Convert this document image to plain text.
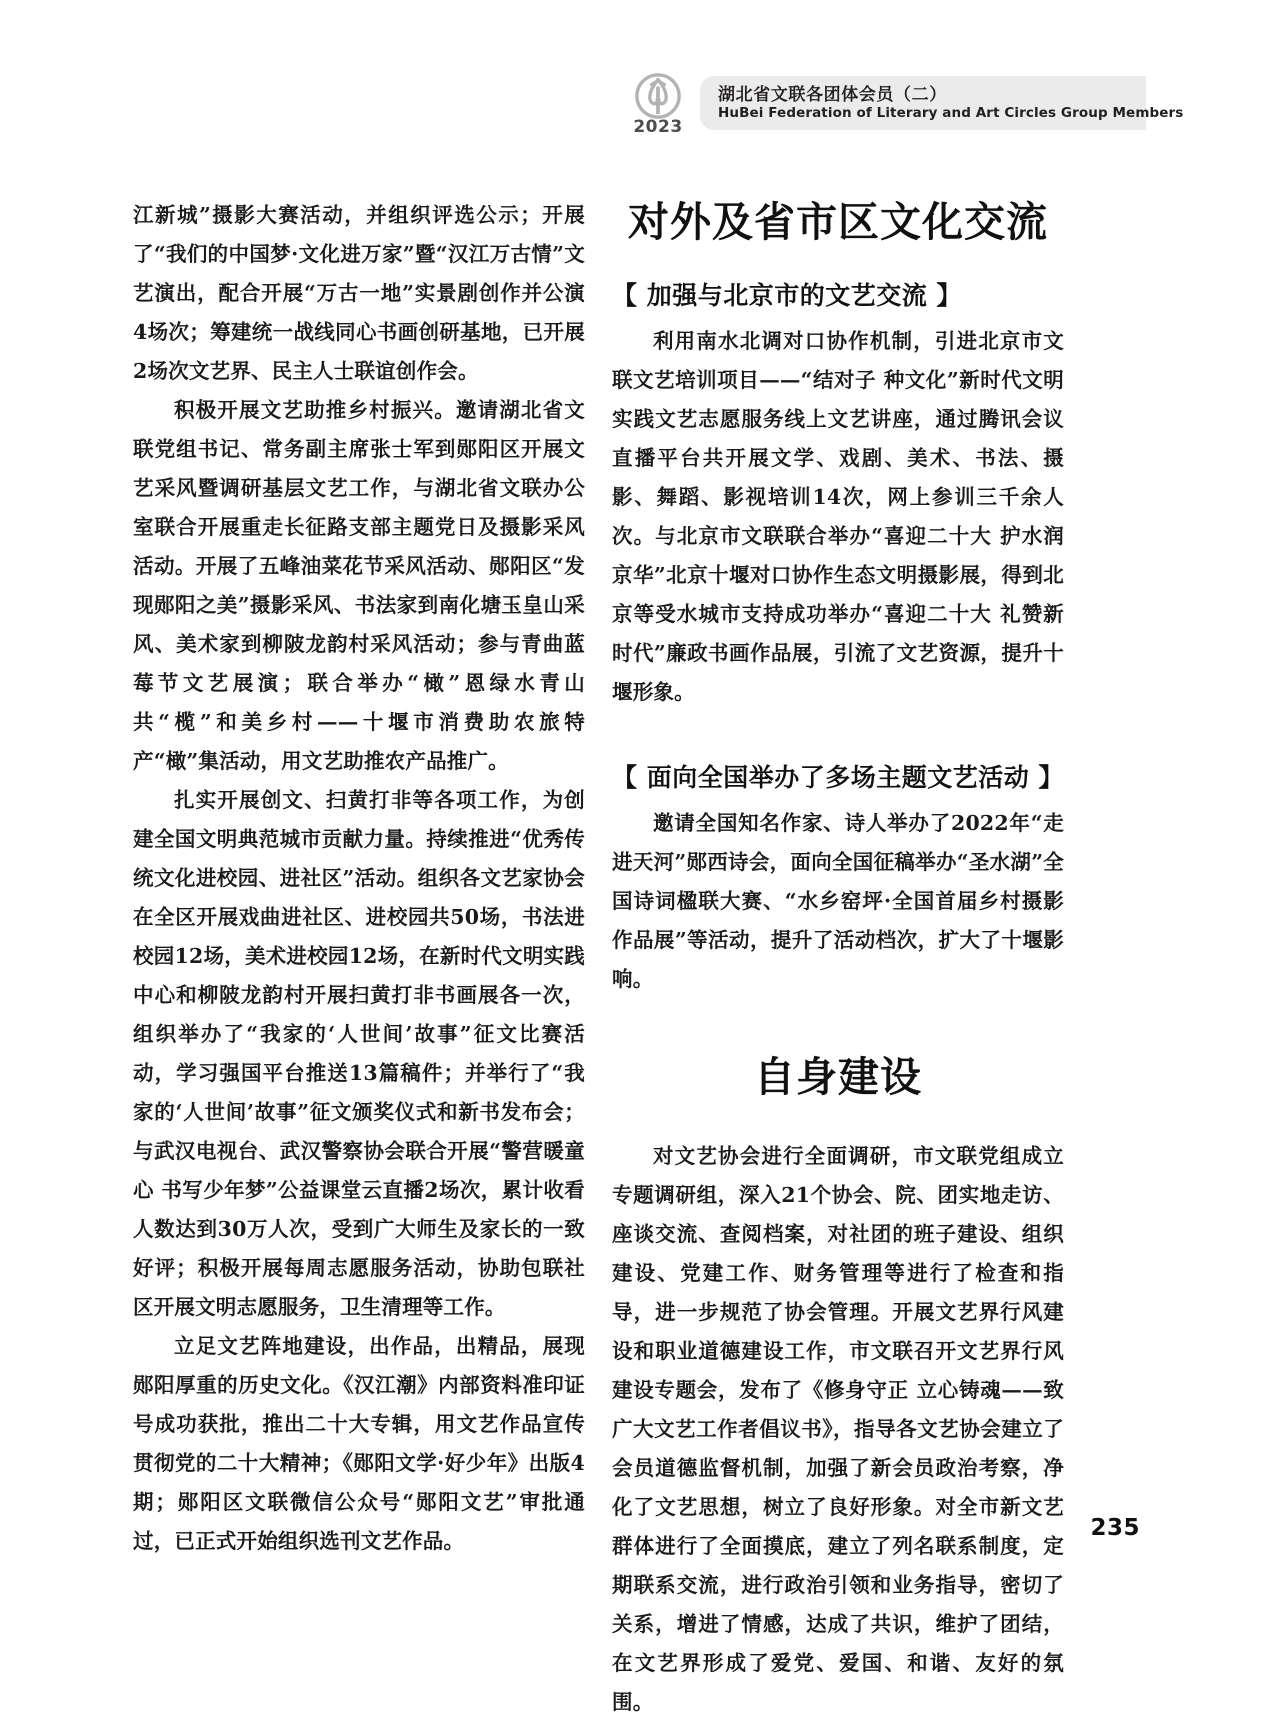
2023
湖北省文联各团体会员（二）
HuBei Federation of Literary and Art Circles Group Members

江新城”摄影大赛活动，并组织评选公示；开展了“我们的中国梦·文化进万家”暨“汉江万古情”文艺演出，配合开展“万古一地”实景剧创作并公演4场次；筹建统一战线同心书画创研基地，已开展2场次文艺界、民主人士联谊创作会。

积极开展文艺助推乡村振兴。邀请湖北省文联党组书记、常务副主席张士军到郧阳区开展文艺采风暨调研基层文艺工作，与湖北省文联办公室联合开展重走长征路支部主题党日及摄影采风活动。开展了五峰油菜花节采风活动、郧阳区“发现郧阳之美”摄影采风、书法家到南化塘玉皇山采风、美术家到柳陂龙韵村采风活动；参与青曲蓝莓节文艺展演；联合举办“橄”恩绿水青山 共“榄”和美乡村——十堰市消费助农旅特产“橄”集活动，用文艺助推农产品推广。

扎实开展创文、扫黄打非等各项工作，为创建全国文明典范城市贡献力量。持续推进“优秀传统文化进校园、进社区”活动。组织各文艺家协会在全区开展戏曲进社区、进校园共50场，书法进校园12场，美术进校园12场，在新时代文明实践中心和柳陂龙韵村开展扫黄打非书画展各一次，组织举办了“我家的‘人世间’故事”征文比赛活动，学习强国平台推送13篇稿件；并举行了“我家的‘人世间’故事”征文颁奖仪式和新书发布会；与武汉电视台、武汉警察协会联合开展“警营暖童心 书写少年梦”公益课堂云直播2场次，累计收看人数达到30万人次，受到广大师生及家长的一致好评；积极开展每周志愿服务活动，协助包联社区开展文明志愿服务，卫生清理等工作。

立足文艺阵地建设，出作品，出精品，展现郧阳厚重的历史文化。《汉江潮》内部资料准印证号成功获批，推出二十大专辑，用文艺作品宣传贯彻党的二十大精神；《郧阳文学·好少年》出版4期；郧阳区文联微信公众号“郧阳文艺”审批通过，已正式开始组织选刊文艺作品。

对外及省市区文化交流
【 加强与北京市的文艺交流 】

利用南水北调对口协作机制，引进北京市文联文艺培训项目——“结对子 种文化”新时代文明实践文艺志愿服务线上文艺讲座，通过腾讯会议直播平台共开展文学、戏剧、美术、书法、摄影、舞蹈、影视培训14次，网上参训三千余人次。与北京市文联联合举办“喜迎二十大 护水润京华”北京十堰对口协作生态文明摄影展，得到北京等受水城市支持成功举办“喜迎二十大 礼赞新时代”廉政书画作品展，引流了文艺资源，提升十堰形象。

【 面向全国举办了多场主题文艺活动 】

邀请全国知名作家、诗人举办了2022年“走进天河”郧西诗会，面向全国征稿举办“圣水湖”全国诗词楹联大赛、“水乡窑坪·全国首届乡村摄影作品展”等活动，提升了活动档次，扩大了十堰影响。

自身建设

对文艺协会进行全面调研，市文联党组成立专题调研组，深入21个协会、院、团实地走访、座谈交流、查阅档案，对社团的班子建设、组织建设、党建工作、财务管理等进行了检查和指导，进一步规范了协会管理。开展文艺界行风建设和职业道德建设工作，市文联召开文艺界行风建设专题会，发布了《修身守正 立心铸魂——致广大文艺工作者倡议书》，指导各文艺协会建立了会员道德监督机制，加强了新会员政治考察，净化了文艺思想，树立了良好形象。对全市新文艺群体进行了全面摸底，建立了列名联系制度，定期联系交流，进行政治引领和业务指导，密切了关系，增进了情感，达成了共识，维护了团结，在文艺界形成了爱党、爱国、和谐、友好的氛围。

235
